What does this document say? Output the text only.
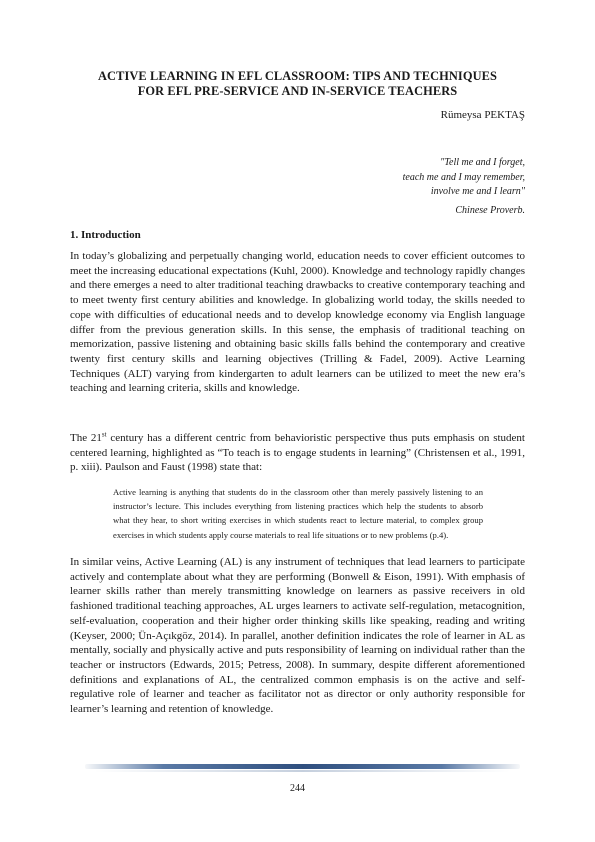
ACTIVE LEARNING IN EFL CLASSROOM: TIPS AND TECHNIQUES
FOR EFL PRE-SERVICE AND IN-SERVICE TEACHERS
Rümeysa PEKTAŞ
"Tell me and I forget,
teach me and I may remember,
involve me and I learn"
Chinese Proverb.
1. Introduction

In today’s globalizing and perpetually changing world, education needs to cover efficient outcomes to meet the increasing educational expectations (Kuhl, 2000). Knowledge and technology rapidly changes and there emerges a need to alter traditional teaching drawbacks to creative contemporary teaching and to meet twenty first century abilities and knowledge. In globalizing world today, the skills needed to cope with difficulties of educational needs and to develop knowledge economy via English language differ from the previous generation skills. In this sense, the emphasis of traditional teaching on memorization, passive listening and obtaining basic skills falls behind the contemporary and creative twenty first century skills and learning objectives (Trilling & Fadel, 2009). Active Learning Techniques (ALT) varying from kindergarten to adult learners can be utilized to meet the new era’s teaching and learning criteria, skills and knowledge.

The 21st century has a different centric from behavioristic perspective thus puts emphasis on student centered learning, highlighted as “To teach is to engage students in learning” (Christensen et al., 1991, p. xiii). Paulson and Faust (1998) state that:

Active learning is anything that students do in the classroom other than merely passively listening to an instructor’s lecture. This includes everything from listening practices which help the students to absorb what they hear, to short writing exercises in which students react to lecture material, to complex group exercises in which students apply course materials to real life situations or to new problems (p.4).

In similar veins, Active Learning (AL) is any instrument of techniques that lead learners to participate actively and contemplate about what they are performing (Bonwell & Eison, 1991). With emphasis of learner skills rather than merely transmitting knowledge on learners as passive receivers in old fashioned traditional teaching approaches, AL urges learners to activate self-regulation, metacognition, self-evaluation, cooperation and their higher order thinking skills like speaking, reading and writing (Keyser, 2000; Ün-Açıkgöz, 2014). In parallel, another definition indicates the role of learner in AL as mentally, socially and physically active and puts responsibility of learning on individual rather than the teacher or instructors (Edwards, 2015; Petress, 2008). In summary, despite different aforementioned definitions and explanations of AL, the centralized common emphasis is on the active and self-regulative role of learner and teacher as facilitator not as director or only authority responsible for learner’s learning and retention of knowledge.

244
